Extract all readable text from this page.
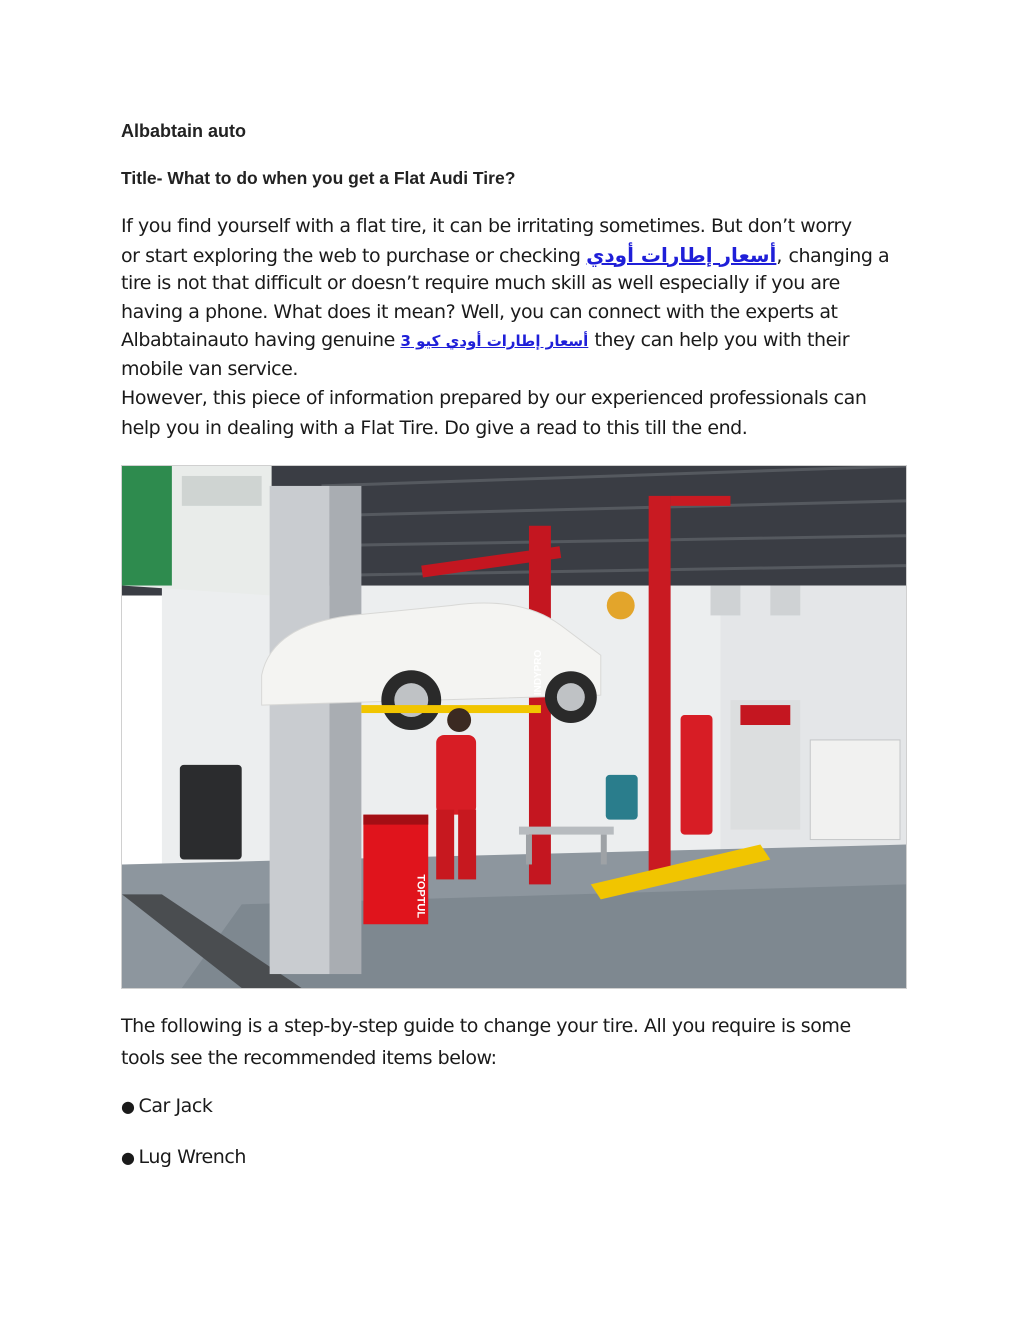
Albabtain auto
Title- What to do when you get a Flat Audi Tire?
If you find yourself with a flat tire, it can be irritating sometimes. But don’t worry
or start exploring the web to purchase or checking أسعار إطارات أودي, changing a
tire is not that difficult or doesn’t require much skill as well especially if you are
having a phone. What does it mean? Well, you can connect with the experts at
Albabtainauto having genuine أسعار إطارات أودي كيو 3 they can help you with their
mobile van service.
However, this piece of information prepared by our experienced professionals can
help you in dealing with a Flat Tire. Do give a read to this till the end.
TOPTUL
INDYPRO
The following is a step-by-step guide to change your tire. All you require is some
tools see the recommended items below:
● Car Jack
● Lug Wrench
